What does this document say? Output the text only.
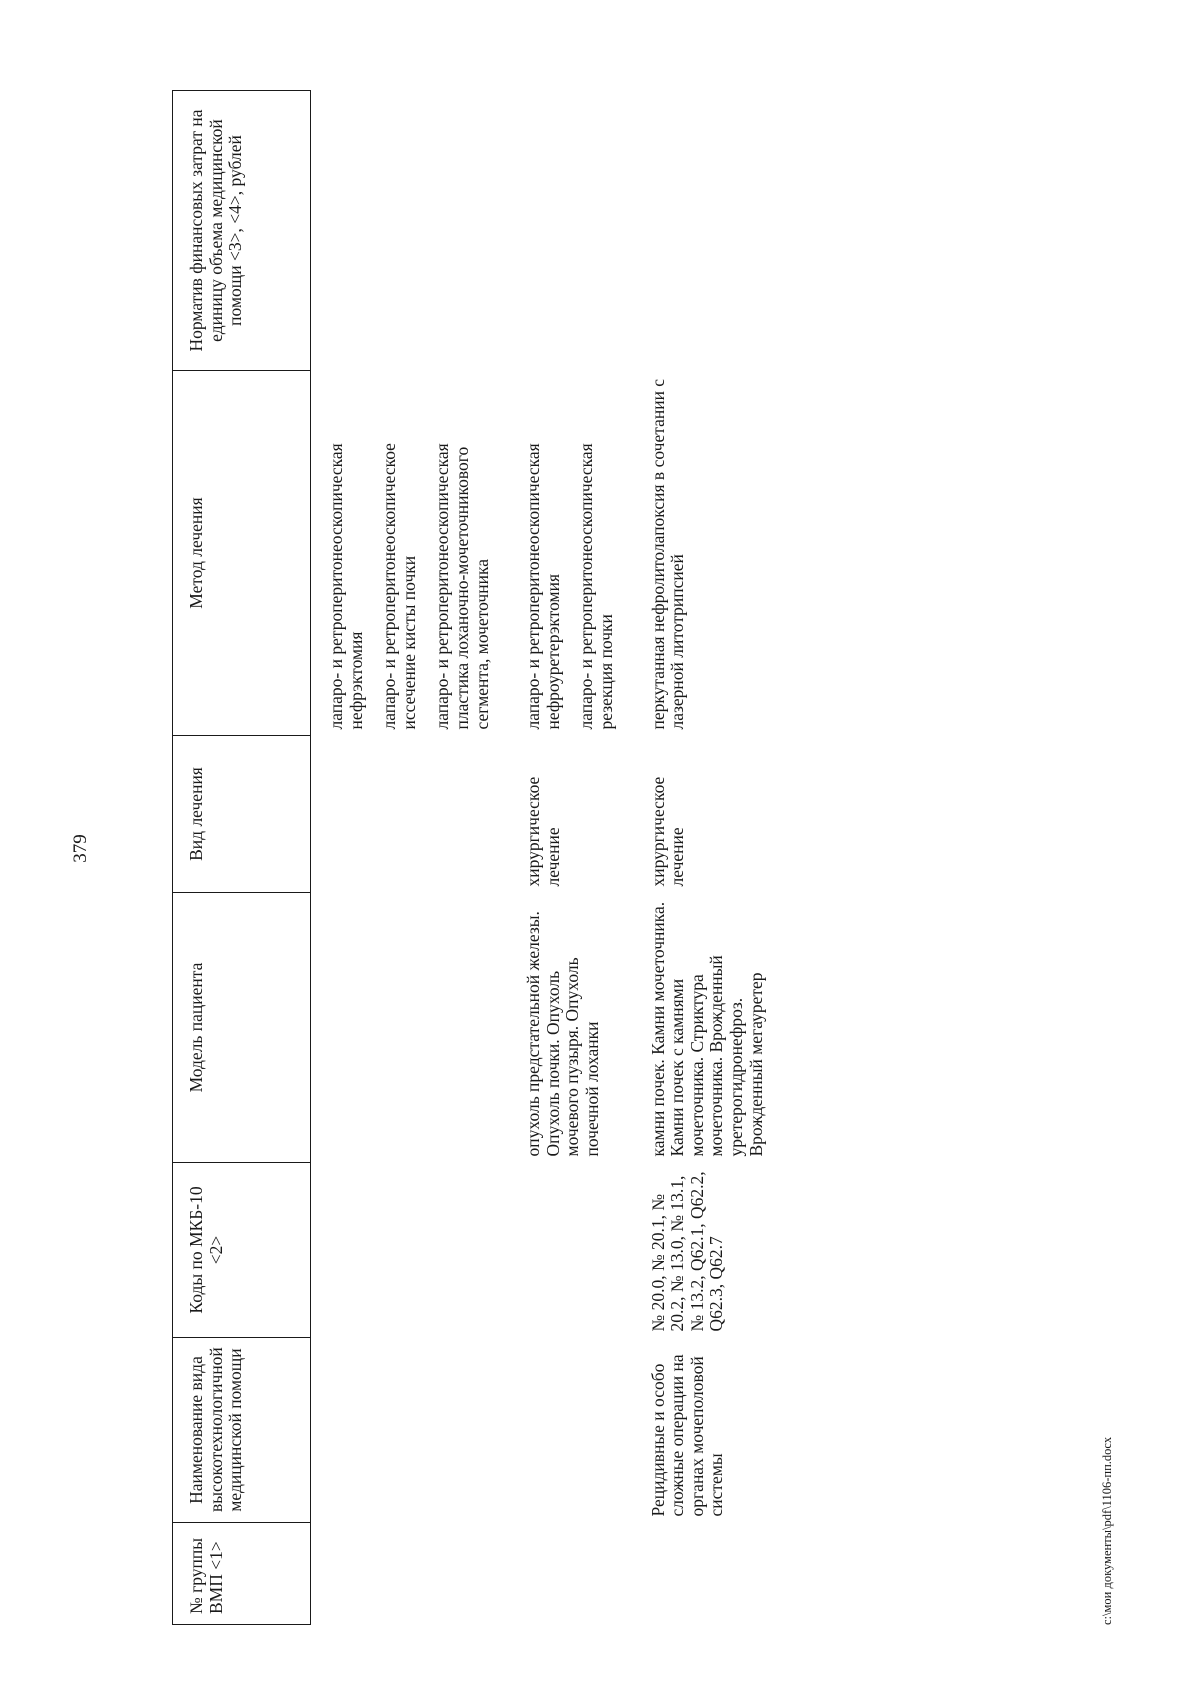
379
№ группы ВМП <1>	Наименование вида высокотехнологичной медицинской помощи	Коды по МКБ-10 <2>	Модель пациента	Вид лечения	Метод лечения	Норматив финансовых затрат на единицу объема медицинской помощи <3>, <4>, рублей

					лапаро- и ретроперитонеоскопическая нефрэктомия лапаро- и ретроперитонеоскопическое иссечение кисты почки лапаро- и ретроперитонеоскопическая пластика лоханочно-мочеточникового сегмента, мочеточника	

			опухоль предстательной железы. Опухоль почки. Опухоль мочевого пузыря. Опухоль почечной лоханки	хирургическое лечение	лапаро- и ретроперитонеоскопическая нефроуретерэктомия лапаро- и ретроперитонеоскопическая резекция почки	

	Рецидивные и особо сложные операции на органах мочеполовой системы	№ 20.0, № 20.1, № 20.2, № 13.0, № 13.1, № 13.2, Q62.1, Q62.2, Q62.3, Q62.7	камни почек. Камни мочеточника. Камни почек с камнями мочеточника. Стриктура мочеточника. Врожденный уретерогидронефроз. Врожденный мегауретер	хирургическое лечение	перкутанная нефролитолапоксия в сочетании с лазерной литотрипсией	

c:\мои документы\pdf\1106-пп.docx
